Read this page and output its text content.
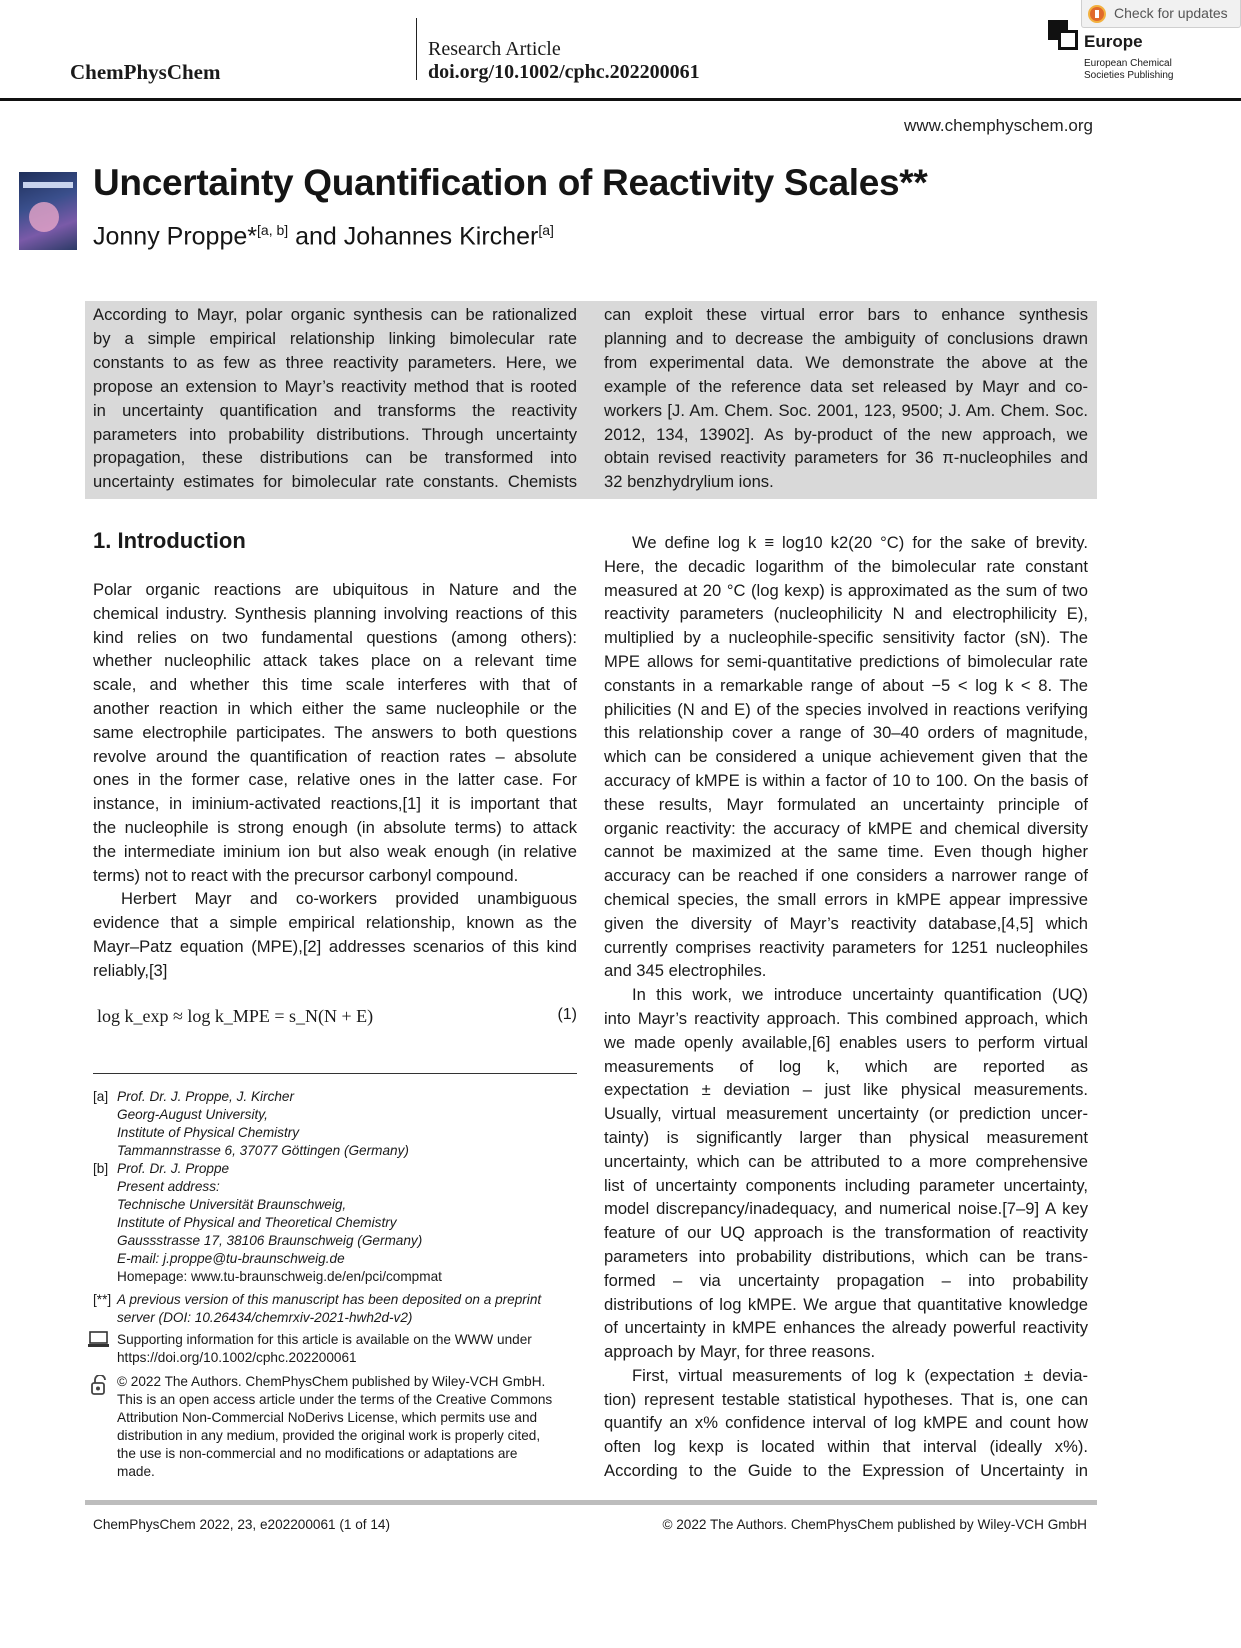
ChemPhysChem
Research Article
doi.org/10.1002/cphc.202200061
Europe
European Chemical Societies Publishing
Check for updates
www.chemphyschem.org
Uncertainty Quantification of Reactivity Scales**
Jonny Proppe*[a, b] and Johannes Kircher[a]
According to Mayr, polar organic synthesis can be rationalized
by a simple empirical relationship linking bimolecular rate
constants to as few as three reactivity parameters. Here, we
propose an extension to Mayr’s reactivity method that is rooted
in uncertainty quantification and transforms the reactivity
parameters into probability distributions. Through uncertainty
propagation, these distributions can be transformed into
uncertainty estimates for bimolecular rate constants. Chemists
can exploit these virtual error bars to enhance synthesis
planning and to decrease the ambiguity of conclusions drawn
from experimental data. We demonstrate the above at the
example of the reference data set released by Mayr and co-
workers [J. Am. Chem. Soc. 2001, 123, 9500; J. Am. Chem. Soc.
2012, 134, 13902]. As by-product of the new approach, we
obtain revised reactivity parameters for 36 π-nucleophiles and
32 benzhydrylium ions.
1. Introduction
Polar organic reactions are ubiquitous in Nature and the
chemical industry. Synthesis planning involving reactions of this
kind relies on two fundamental questions (among others):
whether nucleophilic attack takes place on a relevant time
scale, and whether this time scale interferes with that of
another reaction in which either the same nucleophile or the
same electrophile participates. The answers to both questions
revolve around the quantification of reaction rates – absolute
ones in the former case, relative ones in the latter case. For
instance, in iminium-activated reactions,[1] it is important that
the nucleophile is strong enough (in absolute terms) to attack
the intermediate iminium ion but also weak enough (in relative
terms) not to react with the precursor carbonyl compound.
Herbert Mayr and co-workers provided unambiguous
evidence that a simple empirical relationship, known as the
Mayr–Patz equation (MPE),[2] addresses scenarios of this kind
reliably,[3]
log k_exp ≈ log k_MPE = s_N(N + E)	(1)
[a] Prof. Dr. J. Proppe, J. Kircher
Georg-August University,
Institute of Physical Chemistry
Tammannstrasse 6, 37077 Göttingen (Germany)
[b] Prof. Dr. J. Proppe
Present address:
Technische Universität Braunschweig,
Institute of Physical and Theoretical Chemistry
Gaussstrasse 17, 38106 Braunschweig (Germany)
E-mail: j.proppe@tu-braunschweig.de
Homepage: www.tu-braunschweig.de/en/pci/compmat
[**] A previous version of this manuscript has been deposited on a preprint
server (DOI: 10.26434/chemrxiv-2021-hwh2d-v2)
Supporting information for this article is available on the WWW under
https://doi.org/10.1002/cphc.202200061
© 2022 The Authors. ChemPhysChem published by Wiley-VCH GmbH.
This is an open access article under the terms of the Creative Commons
Attribution Non-Commercial NoDerivs License, which permits use and
distribution in any medium, provided the original work is properly cited,
the use is non-commercial and no modifications or adaptations are
made.
We define log k ≡ log10 k2(20 °C) for the sake of brevity.
Here, the decadic logarithm of the bimolecular rate constant
measured at 20 °C (log kexp) is approximated as the sum of two
reactivity parameters (nucleophilicity N and electrophilicity E),
multiplied by a nucleophile-specific sensitivity factor (sN). The
MPE allows for semi-quantitative predictions of bimolecular rate
constants in a remarkable range of about −5 < log k < 8. The
philicities (N and E) of the species involved in reactions verifying
this relationship cover a range of 30–40 orders of magnitude,
which can be considered a unique achievement given that the
accuracy of kMPE is within a factor of 10 to 100. On the basis of
these results, Mayr formulated an uncertainty principle of
organic reactivity: the accuracy of kMPE and chemical diversity
cannot be maximized at the same time. Even though higher
accuracy can be reached if one considers a narrower range of
chemical species, the small errors in kMPE appear impressive
given the diversity of Mayr’s reactivity database,[4,5] which
currently comprises reactivity parameters for 1251 nucleophiles
and 345 electrophiles.
In this work, we introduce uncertainty quantification (UQ)
into Mayr’s reactivity approach. This combined approach, which
we made openly available,[6] enables users to perform virtual
measurements of log k, which are reported as
expectation ± deviation – just like physical measurements.
Usually, virtual measurement uncertainty (or prediction uncer-
tainty) is significantly larger than physical measurement
uncertainty, which can be attributed to a more comprehensive
list of uncertainty components including parameter uncertainty,
model discrepancy/inadequacy, and numerical noise.[7–9] A key
feature of our UQ approach is the transformation of reactivity
parameters into probability distributions, which can be trans-
formed – via uncertainty propagation – into probability
distributions of log kMPE. We argue that quantitative knowledge
of uncertainty in kMPE enhances the already powerful reactivity
approach by Mayr, for three reasons.
First, virtual measurements of log k (expectation ± devia-
tion) represent testable statistical hypotheses. That is, one can
quantify an x% confidence interval of log kMPE and count how
often log kexp is located within that interval (ideally x%).
According to the Guide to the Expression of Uncertainty in
ChemPhysChem 2022, 23, e202200061 (1 of 14)	© 2022 The Authors. ChemPhysChem published by Wiley-VCH GmbH
